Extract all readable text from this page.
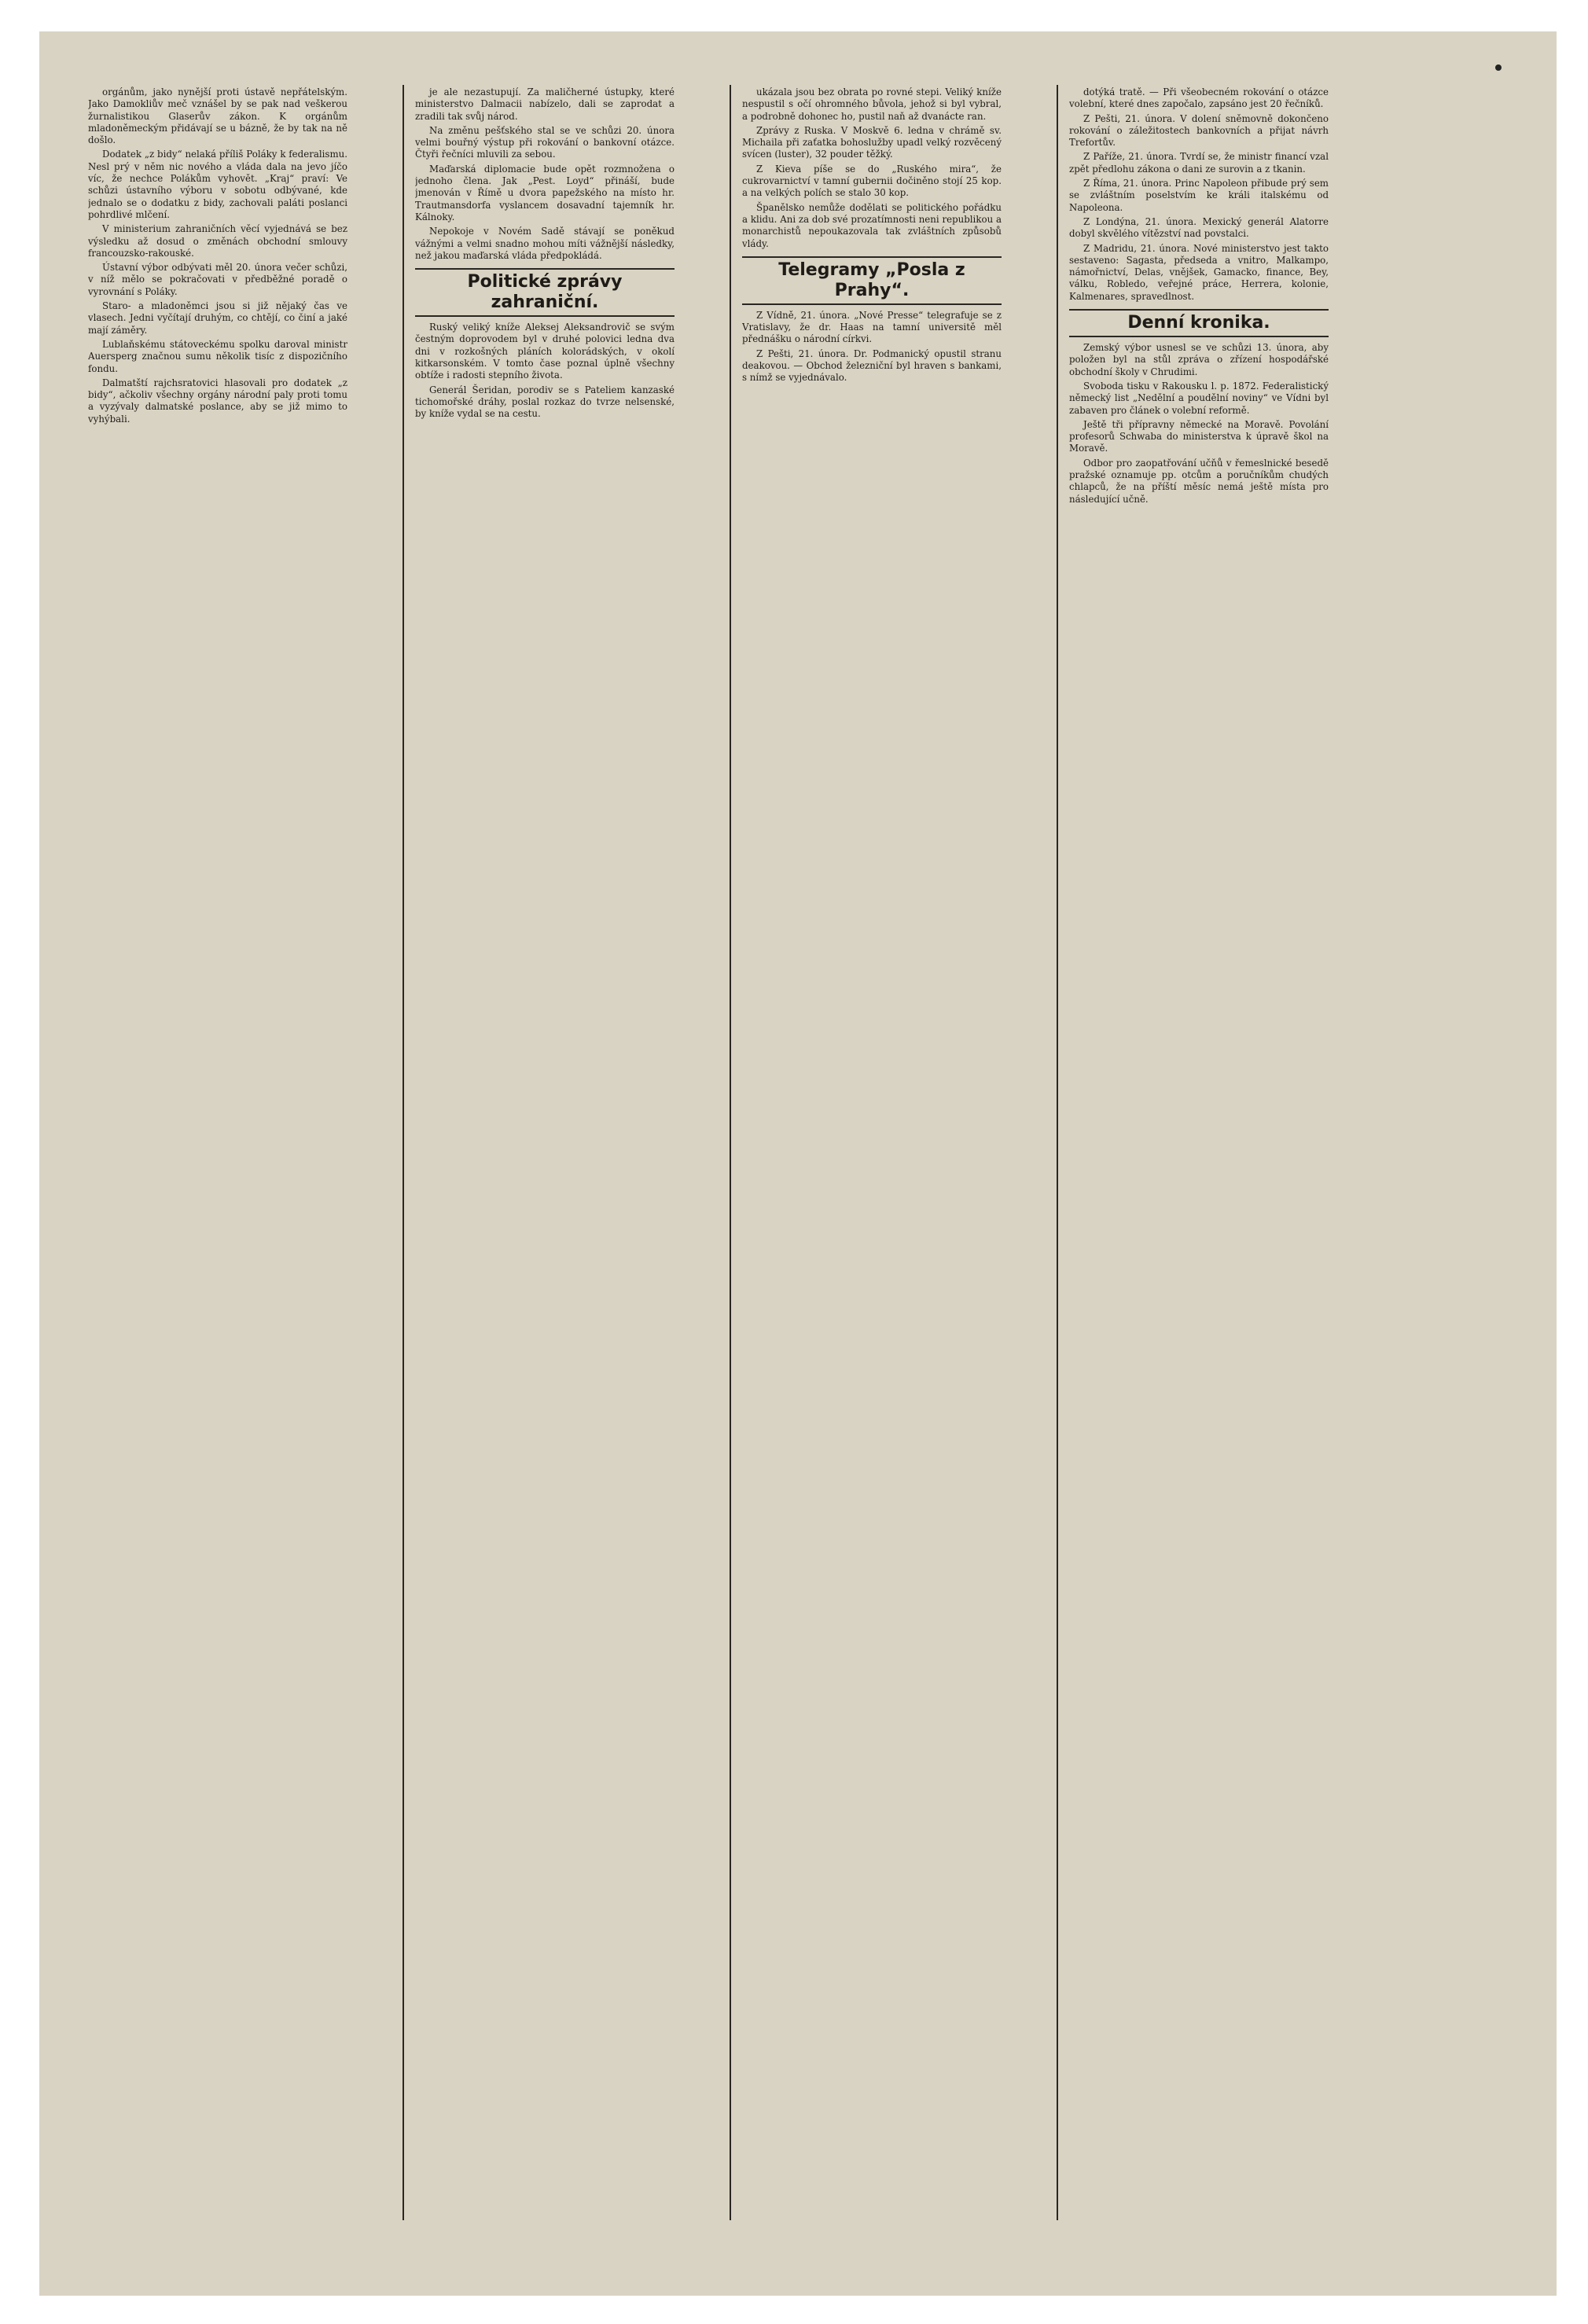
orgánům, jako nynější proti ústavě nepřátelským. Jako Damokliův meč vznášel by se pak nad veškerou žurnalistikou Glaserův zákon. K orgánům mladoněmeckým přidávají se u bázně, že by tak na ně došlo.

Dodatek „z bidy“ nelaká příliš Poláky k federalismu. Nesl prý v něm nic nového a vláda dala na jevo jíčo víc, že nechce Polákům vyhovět. „Kraj“ praví: Ve schůzi ústavního výboru v sobotu odbývané, kde jednalo se o dodatku z bidy, zachovali paláti poslanci pohrdlivé mlčení.

V ministerium zahraničních věcí vyjednává se bez výsledku až dosud o změnách obchodní smlouvy francouzsko-rakouské.

Ústavní výbor odbývati měl 20. února večer schůzi, v níž mělo se pokračovati v předběžné poradě o vyrovnání s Poláky.

Staro- a mladoněmci jsou si již nějaký čas ve vlasech. Jedni vyčítají druhým, co chtějí, co činí a jaké mají záměry.

Lublaňskému státoveckému spolku daroval ministr Auersperg značnou sumu několik tisíc z dispozičního fondu.

Dalmatští rajchsratovici hlasovali pro dodatek „z bidy“, ačkoliv všechny orgány národní paly proti tomu a vyzývaly dalmatské poslance, aby se již mimo to vyhýbali.

je ale nezastupují. Za maličherné ústupky, které ministerstvo Dalmacii nabízelo, dali se zaprodat a zradili tak svůj národ.

Na změnu pešťského stal se ve schůzi 20. února velmi bouřný výstup při rokování o bankovní otázce. Čtyři řečníci mluvili za sebou.

Maďarská diplomacie bude opět rozmnožena o jednoho člena. Jak „Pest. Loyd“ přináší, bude jmenován v Římě u dvora papežského na místo hr. Trautmansdorfa vyslancem dosavadní tajemník hr. Kálnoky.

Nepokoje v Novém Sadě stávají se poněkud vážnými a velmi snadno mohou míti vážnější následky, než jakou maďarská vláda předpokládá.

Politické zprávy zahraniční.

Ruský veliký kníže Aleksej Aleksandrovič se svým čestným doprovodem byl v druhé polovici ledna dva dni v rozkošných pláních kolorádských, v okolí kitkarsonském. V tomto čase poznal úplně všechny obtíže i radosti stepního života.

Generál Šeridan, porodiv se s Pateliem kanzaské tichomořské dráhy, poslal rozkaz do tvrze nelsenské, by kníže vydal se na cestu.

ukázala jsou bez obrata po rovné stepi. Veliký kníže nespustil s očí ohromného bůvola, jehož si byl vybral, a podrobně dohonec ho, pustil naň až dvanácte ran.

Zprávy z Ruska. V Moskvě 6. ledna v chrámě sv. Michaila při zaťatka bohoslužby upadl velký rozvěcený svícen (luster), 32 pouder těžký.

Z Kieva píše se do „Ruského mira“, že cukrovarnictví v tamní gubernii dočiněno stojí 25 kop. a na velkých polích se stalo 30 kop.

Španělsko nemůže dodělati se politického pořádku a klidu. Ani za dob své prozatímnosti neni republikou a monarchistů nepoukazovala tak zvláštních způsobů vlády.

Telegramy „Posla z Prahy“.

Z Vídně, 21. února. „Nové Presse“ telegrafuje se z Vratislavy, že dr. Haas na tamní universitě měl přednášku o národní církvi.

Z Pešti, 21. února. Dr. Podmanický opustil stranu deakovou. — Obchod železniční byl hraven s bankami, s nímž se vyjednávalo.

dotýká tratě. — Při všeobecném rokování o otázce volební, které dnes započalo, zapsáno jest 20 řečníků.

Z Pešti, 21. února. V dolení sněmovně dokončeno rokování o záležitostech bankovních a přijat návrh Trefortův.

Z Paříže, 21. února. Tvrdí se, že ministr financí vzal zpět předlohu zákona o dani ze surovin a z tkanin.

Z Říma, 21. února. Princ Napoleon přibude prý sem se zvláštním poselstvím ke králi italskému od Napoleona.

Z Londýna, 21. února. Mexický generál Alatorre dobyl skvělého vítězství nad povstalci.

Z Madridu, 21. února. Nové ministerstvo jest takto sestaveno: Sagasta, předseda a vnitro, Malkampo, námořnictví, Delas, vnějšek, Gamacko, finance, Bey, válku, Robledo, veřejné práce, Herrera, kolonie, Kalmenares, spravedlnost.

Denní kronika.

Zemský výbor usnesl se ve schůzi 13. února, aby položen byl na stůl zpráva o zřízení hospodářské obchodní školy v Chrudimi.

Svoboda tisku v Rakousku l. p. 1872. Federalistický německý list „Nedělní a poudělní noviny“ ve Vídni byl zabaven pro článek o volební reformě.

Ještě tři přípravny německé na Moravě. Povolání profesorů Schwaba do ministerstva k úpravě škol na Moravě.

Odbor pro zaopatřování učňů v řemeslnické besedě pražské oznamuje pp. otcům a poručníkům chudých chlapců, že na příští měsíc nemá ještě místa pro následující učně.
